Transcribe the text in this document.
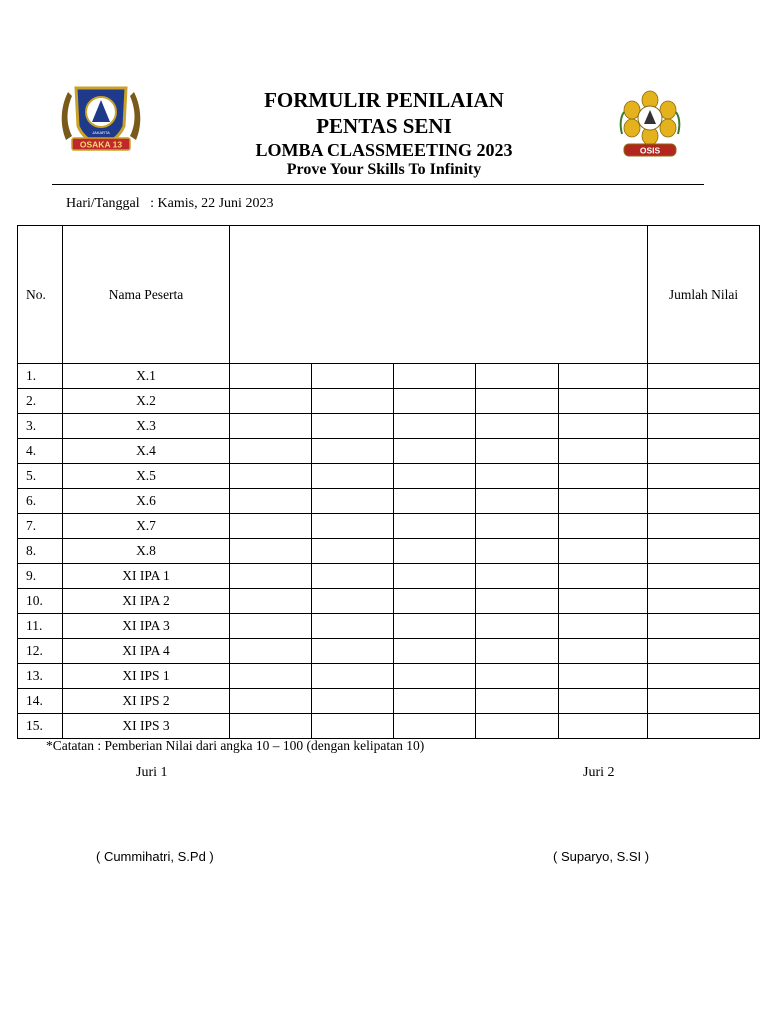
OSAKA 13
JAKARTA
OSIS
FORMULIR PENILAIAN
PENTAS SENI
LOMBA CLASSMEETING 2023
Prove Your Skills To Infinity
Hari/Tanggal : Kamis, 22 Juni 2023
No.	Nama Peserta						Jumlah Nilai
1.	X.1						
2.	X.2						
3.	X.3						
4.	X.4						
5.	X.5						
6.	X.6						
7.	X.7						
8.	X.8						
9.	XI IPA 1						
10.	XI IPA 2						
11.	XI IPA 3						
12.	XI IPA 4						
13.	XI IPS 1						
14.	XI IPS 2						
15.	XI IPS 3						
*Catatan : Pemberian Nilai dari angka 10 – 100 (dengan kelipatan 10)
Juri 1	Juri 2
( Cummihatri, S.Pd )	( Suparyo, S.SI )
